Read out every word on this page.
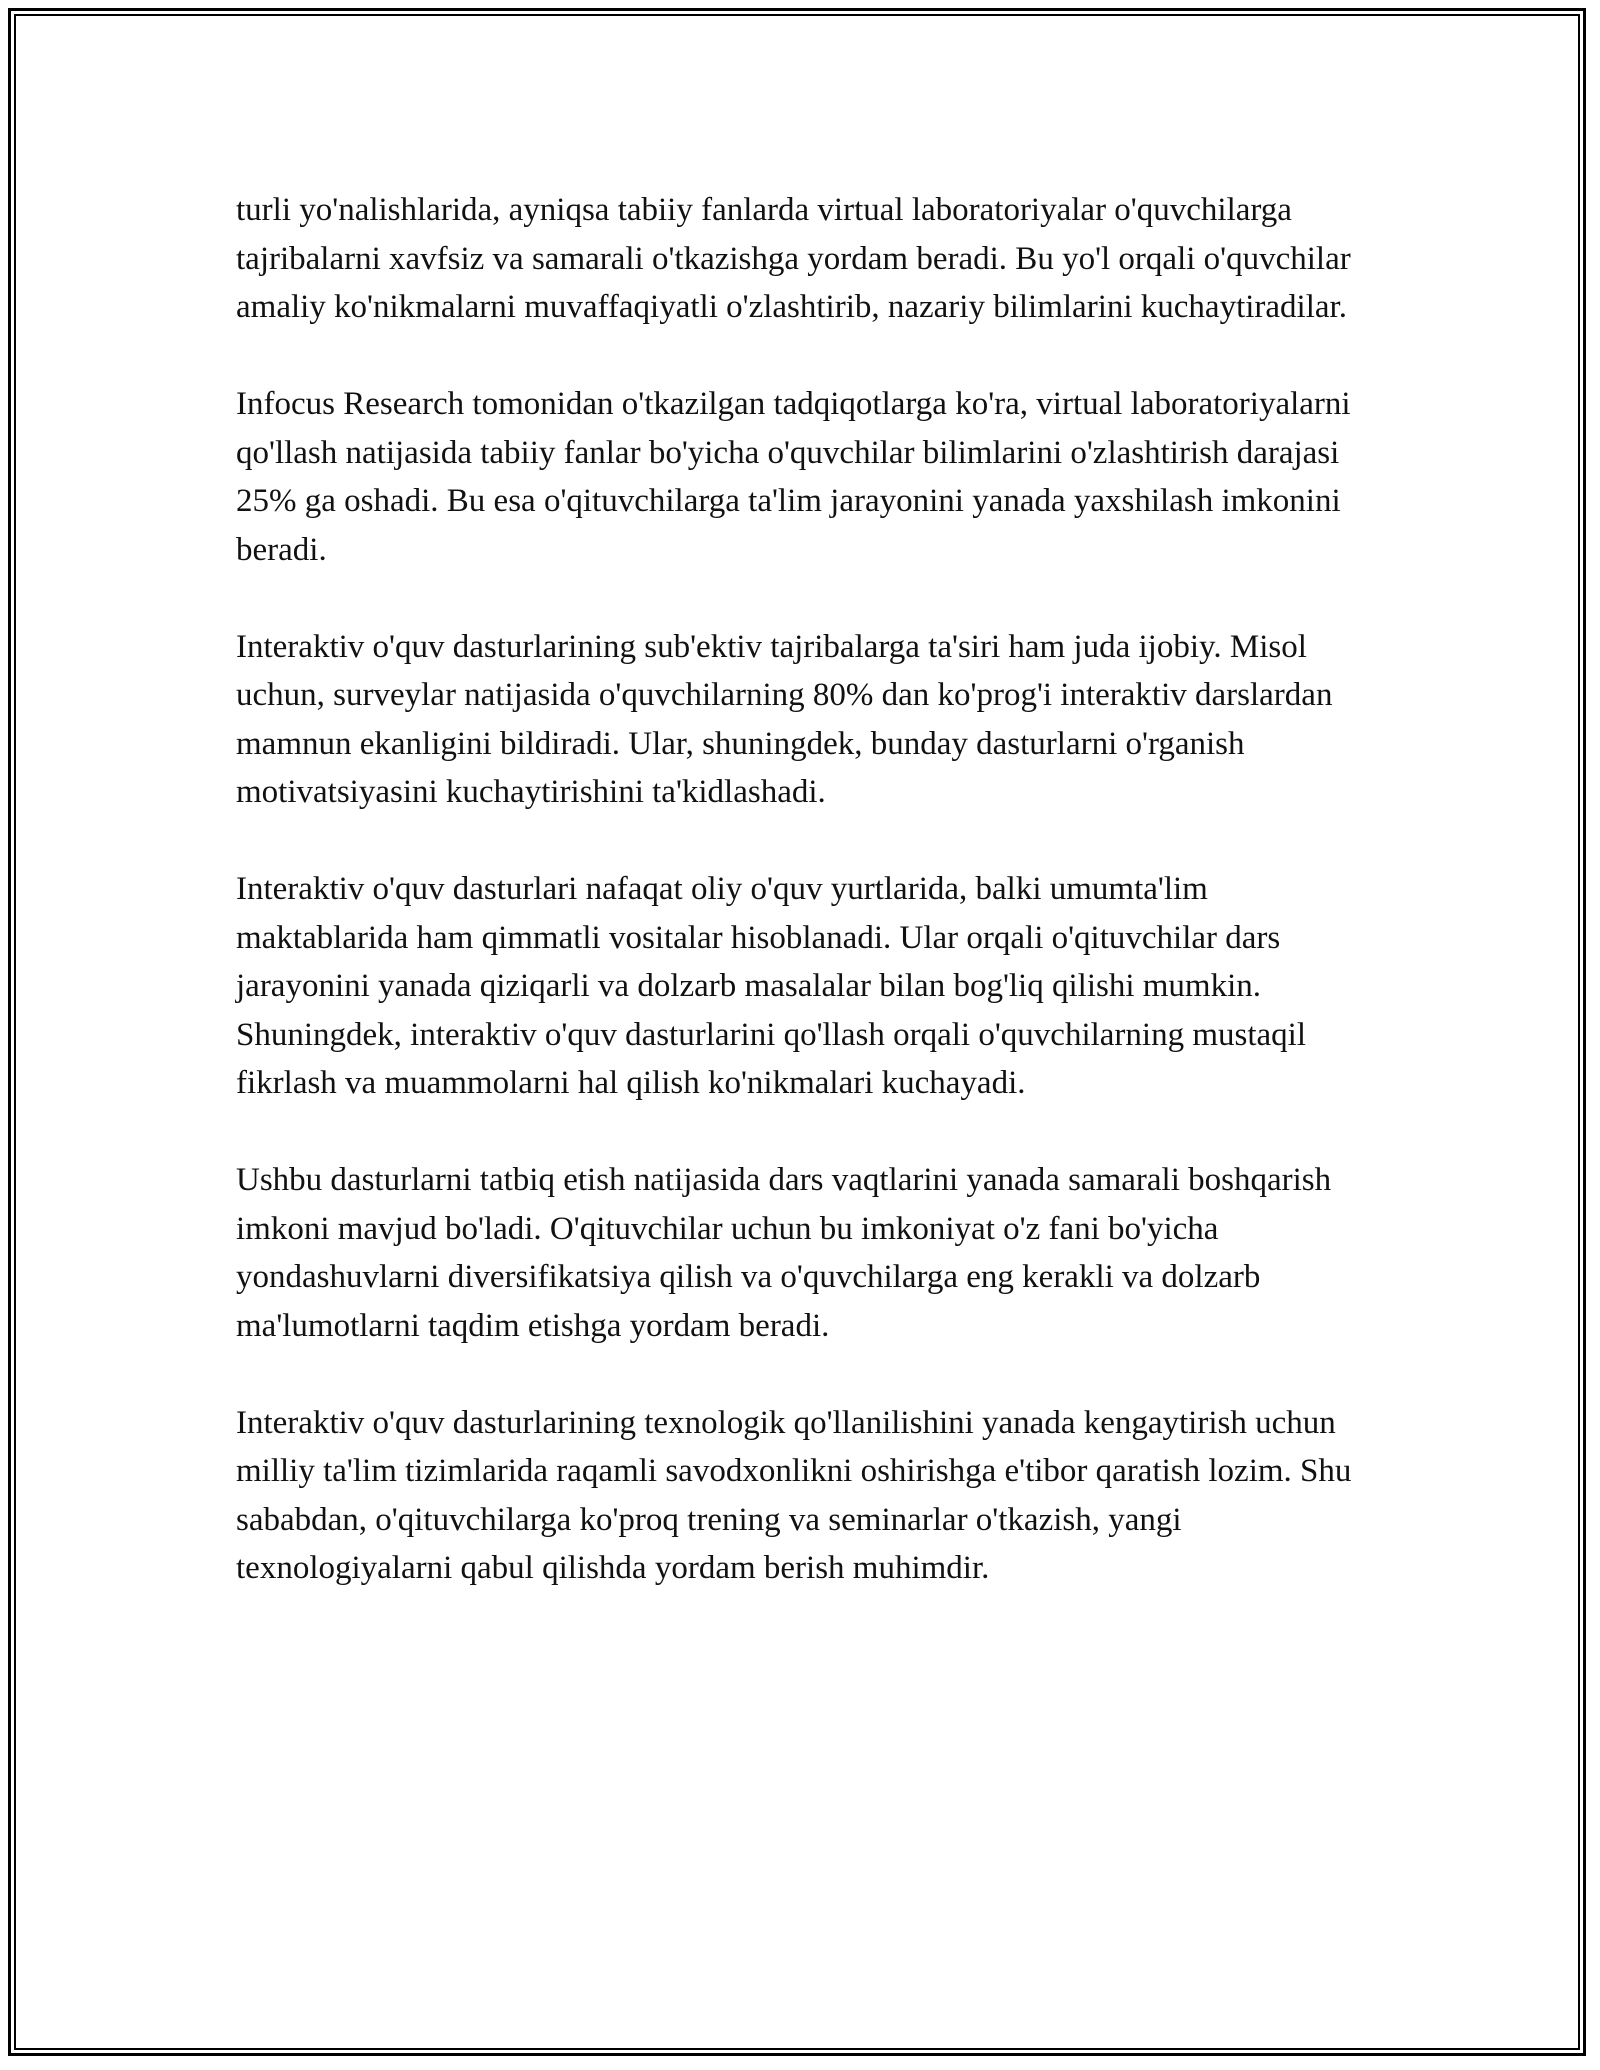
turli yo'nalishlarida, ayniqsa tabiiy fanlarda virtual laboratoriyalar o'quvchilarga tajribalarni xavfsiz va samarali o'tkazishga yordam beradi. Bu yo'l orqali o'quvchilar amaliy ko'nikmalarni muvaffaqiyatli o'zlashtirib, nazariy bilimlarini kuchaytiradilar.

Infocus Research tomonidan o'tkazilgan tadqiqotlarga ko'ra, virtual laboratoriyalarni qo'llash natijasida tabiiy fanlar bo'yicha o'quvchilar bilimlarini o'zlashtirish darajasi 25% ga oshadi. Bu esa o'qituvchilarga ta'lim jarayonini yanada yaxshilash imkonini beradi.

Interaktiv o'quv dasturlarining sub'ektiv tajribalarga ta'siri ham juda ijobiy. Misol uchun, surveylar natijasida o'quvchilarning 80% dan ko'prog'i interaktiv darslardan mamnun ekanligini bildiradi. Ular, shuningdek, bunday dasturlarni o'rganish motivatsiyasini kuchaytirishini ta'kidlashadi.

Interaktiv o'quv dasturlari nafaqat oliy o'quv yurtlarida, balki umumta'lim maktablarida ham qimmatli vositalar hisoblanadi. Ular orqali o'qituvchilar dars jarayonini yanada qiziqarli va dolzarb masalalar bilan bog'liq qilishi mumkin. Shuningdek, interaktiv o'quv dasturlarini qo'llash orqali o'quvchilarning mustaqil fikrlash va muammolarni hal qilish ko'nikmalari kuchayadi.

Ushbu dasturlarni tatbiq etish natijasida dars vaqtlarini yanada samarali boshqarish imkoni mavjud bo'ladi. O'qituvchilar uchun bu imkoniyat o'z fani bo'yicha yondashuvlarni diversifikatsiya qilish va o'quvchilarga eng kerakli va dolzarb ma'lumotlarni taqdim etishga yordam beradi.

Interaktiv o'quv dasturlarining texnologik qo'llanilishini yanada kengaytirish uchun milliy ta'lim tizimlarida raqamli savodxonlikni oshirishga e'tibor qaratish lozim. Shu sababdan, o'qituvchilarga ko'proq trening va seminarlar o'tkazish, yangi texnologiyalarni qabul qilishda yordam berish muhimdir.
